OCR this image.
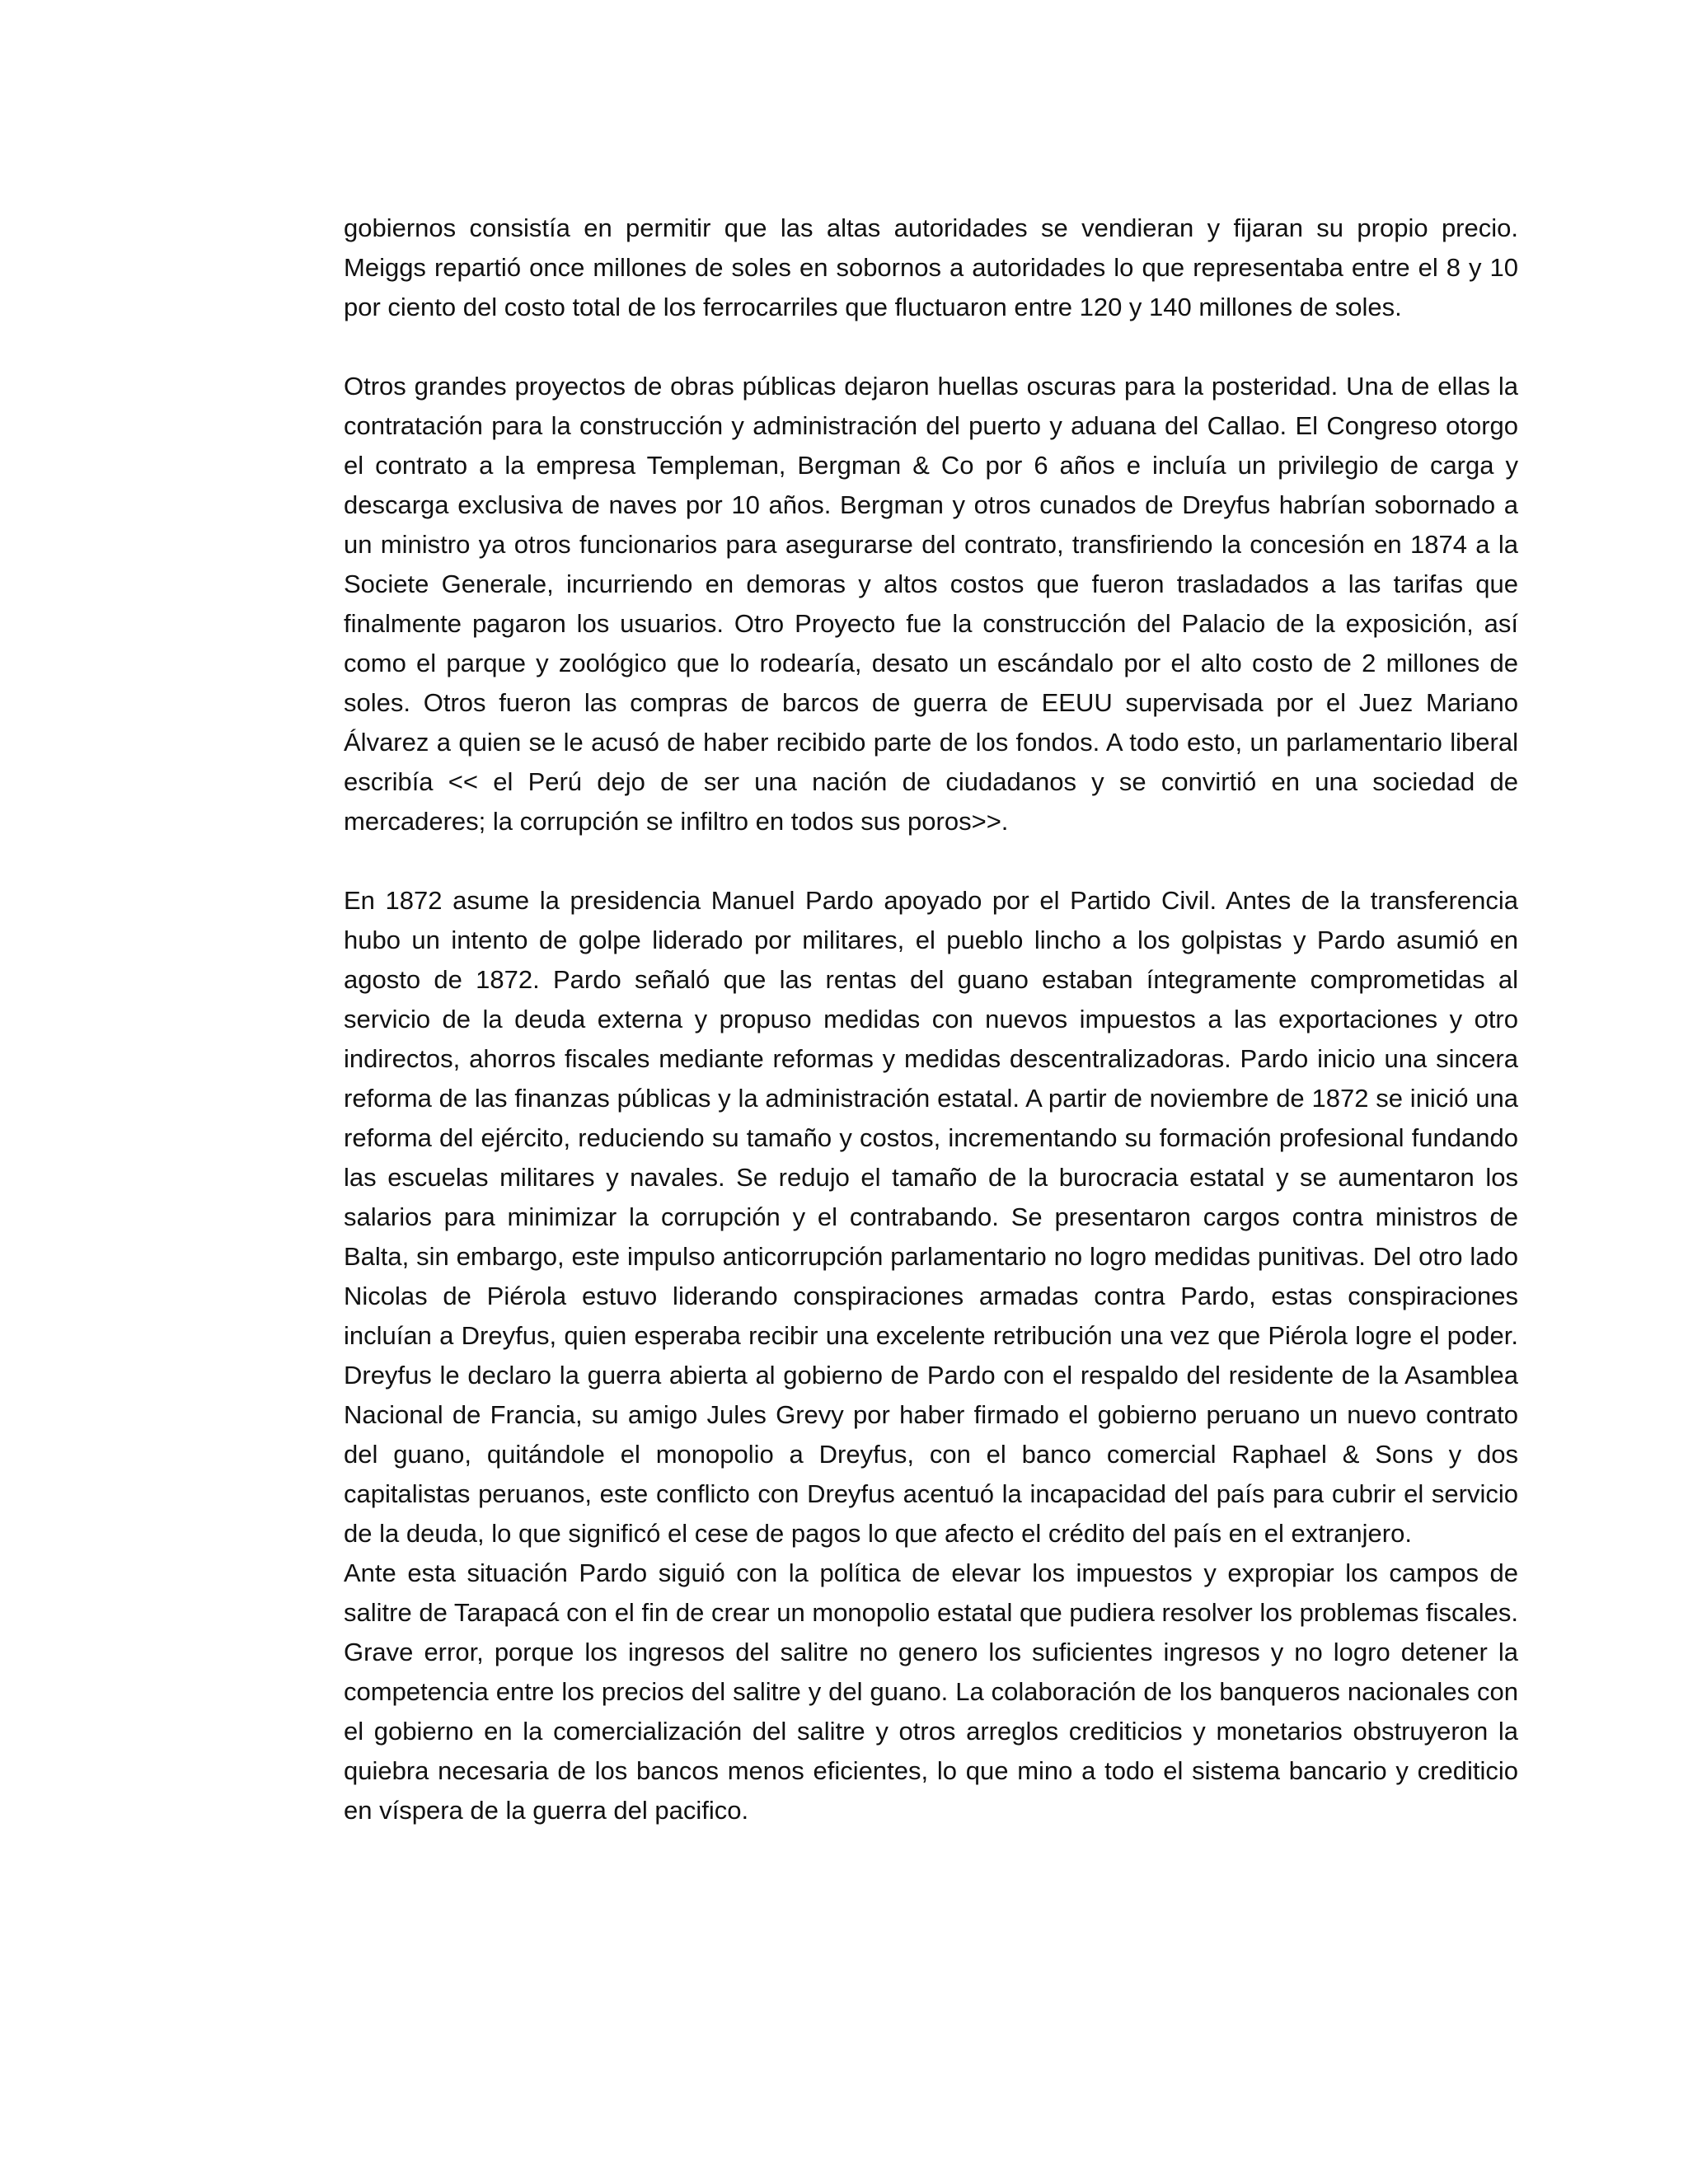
gobiernos consistía en permitir que las altas autoridades se vendieran y fijaran su propio precio. Meiggs repartió once millones de soles en sobornos a autoridades lo que representaba entre el 8 y 10 por ciento del costo total de los ferrocarriles que fluctuaron entre 120 y 140 millones de soles.

Otros grandes proyectos de obras públicas dejaron huellas oscuras para la posteridad. Una de ellas la contratación para la construcción y administración del puerto y aduana del Callao. El Congreso otorgo el contrato a la empresa Templeman, Bergman & Co por 6 años e incluía un privilegio de carga y descarga exclusiva de naves por 10 años. Bergman y otros cunados de Dreyfus habrían sobornado a un ministro ya otros funcionarios para asegurarse del contrato, transfiriendo la concesión en 1874 a la Societe Generale, incurriendo en demoras y altos costos que fueron trasladados a las tarifas que finalmente pagaron los usuarios. Otro Proyecto fue la construcción del Palacio de la exposición, así como el parque y zoológico que lo rodearía, desato un escándalo por el alto costo de 2 millones de soles. Otros fueron las compras de barcos de guerra de EEUU supervisada por el Juez Mariano Álvarez a quien se le acusó de haber recibido parte de los fondos. A todo esto, un parlamentario liberal escribía << el Perú dejo de ser una nación de ciudadanos y se convirtió en una sociedad de mercaderes; la corrupción se infiltro en todos sus poros>>.

En 1872 asume la presidencia Manuel Pardo apoyado por el Partido Civil. Antes de la transferencia hubo un intento de golpe liderado por militares, el pueblo lincho a los golpistas y Pardo asumió en agosto de 1872. Pardo señaló que las rentas del guano estaban íntegramente comprometidas al servicio de la deuda externa y propuso medidas con nuevos impuestos a las exportaciones y otro indirectos, ahorros fiscales mediante reformas y medidas descentralizadoras. Pardo inicio una sincera reforma de las finanzas públicas y la administración estatal. A partir de noviembre de 1872 se inició una reforma del ejército, reduciendo su tamaño y costos, incrementando su formación profesional fundando las escuelas militares y navales. Se redujo el tamaño de la burocracia estatal y se aumentaron los salarios para minimizar la corrupción y el contrabando. Se presentaron cargos contra ministros de Balta, sin embargo, este impulso anticorrupción parlamentario no logro medidas punitivas. Del otro lado Nicolas de Piérola estuvo liderando conspiraciones armadas contra Pardo, estas conspiraciones incluían a Dreyfus, quien esperaba recibir una excelente retribución una vez que Piérola logre el poder. Dreyfus le declaro la guerra abierta al gobierno de Pardo con el respaldo del residente de la Asamblea Nacional de Francia, su amigo Jules Grevy por haber firmado el gobierno peruano un nuevo contrato del guano, quitándole el monopolio a Dreyfus, con el banco comercial Raphael & Sons y dos capitalistas peruanos, este conflicto con Dreyfus acentuó la incapacidad del país para cubrir el servicio de la deuda, lo que significó el cese de pagos lo que afecto el crédito del país en el extranjero.

Ante esta situación Pardo siguió con la política de elevar los impuestos y expropiar los campos de salitre de Tarapacá con el fin de crear un monopolio estatal que pudiera resolver los problemas fiscales. Grave error, porque los ingresos del salitre no genero los suficientes ingresos y no logro detener la competencia entre los precios del salitre y del guano. La colaboración de los banqueros nacionales con el gobierno en la comercialización del salitre y otros arreglos crediticios y monetarios obstruyeron la quiebra necesaria de los bancos menos eficientes, lo que mino a todo el sistema bancario y crediticio en víspera de la guerra del pacifico.
